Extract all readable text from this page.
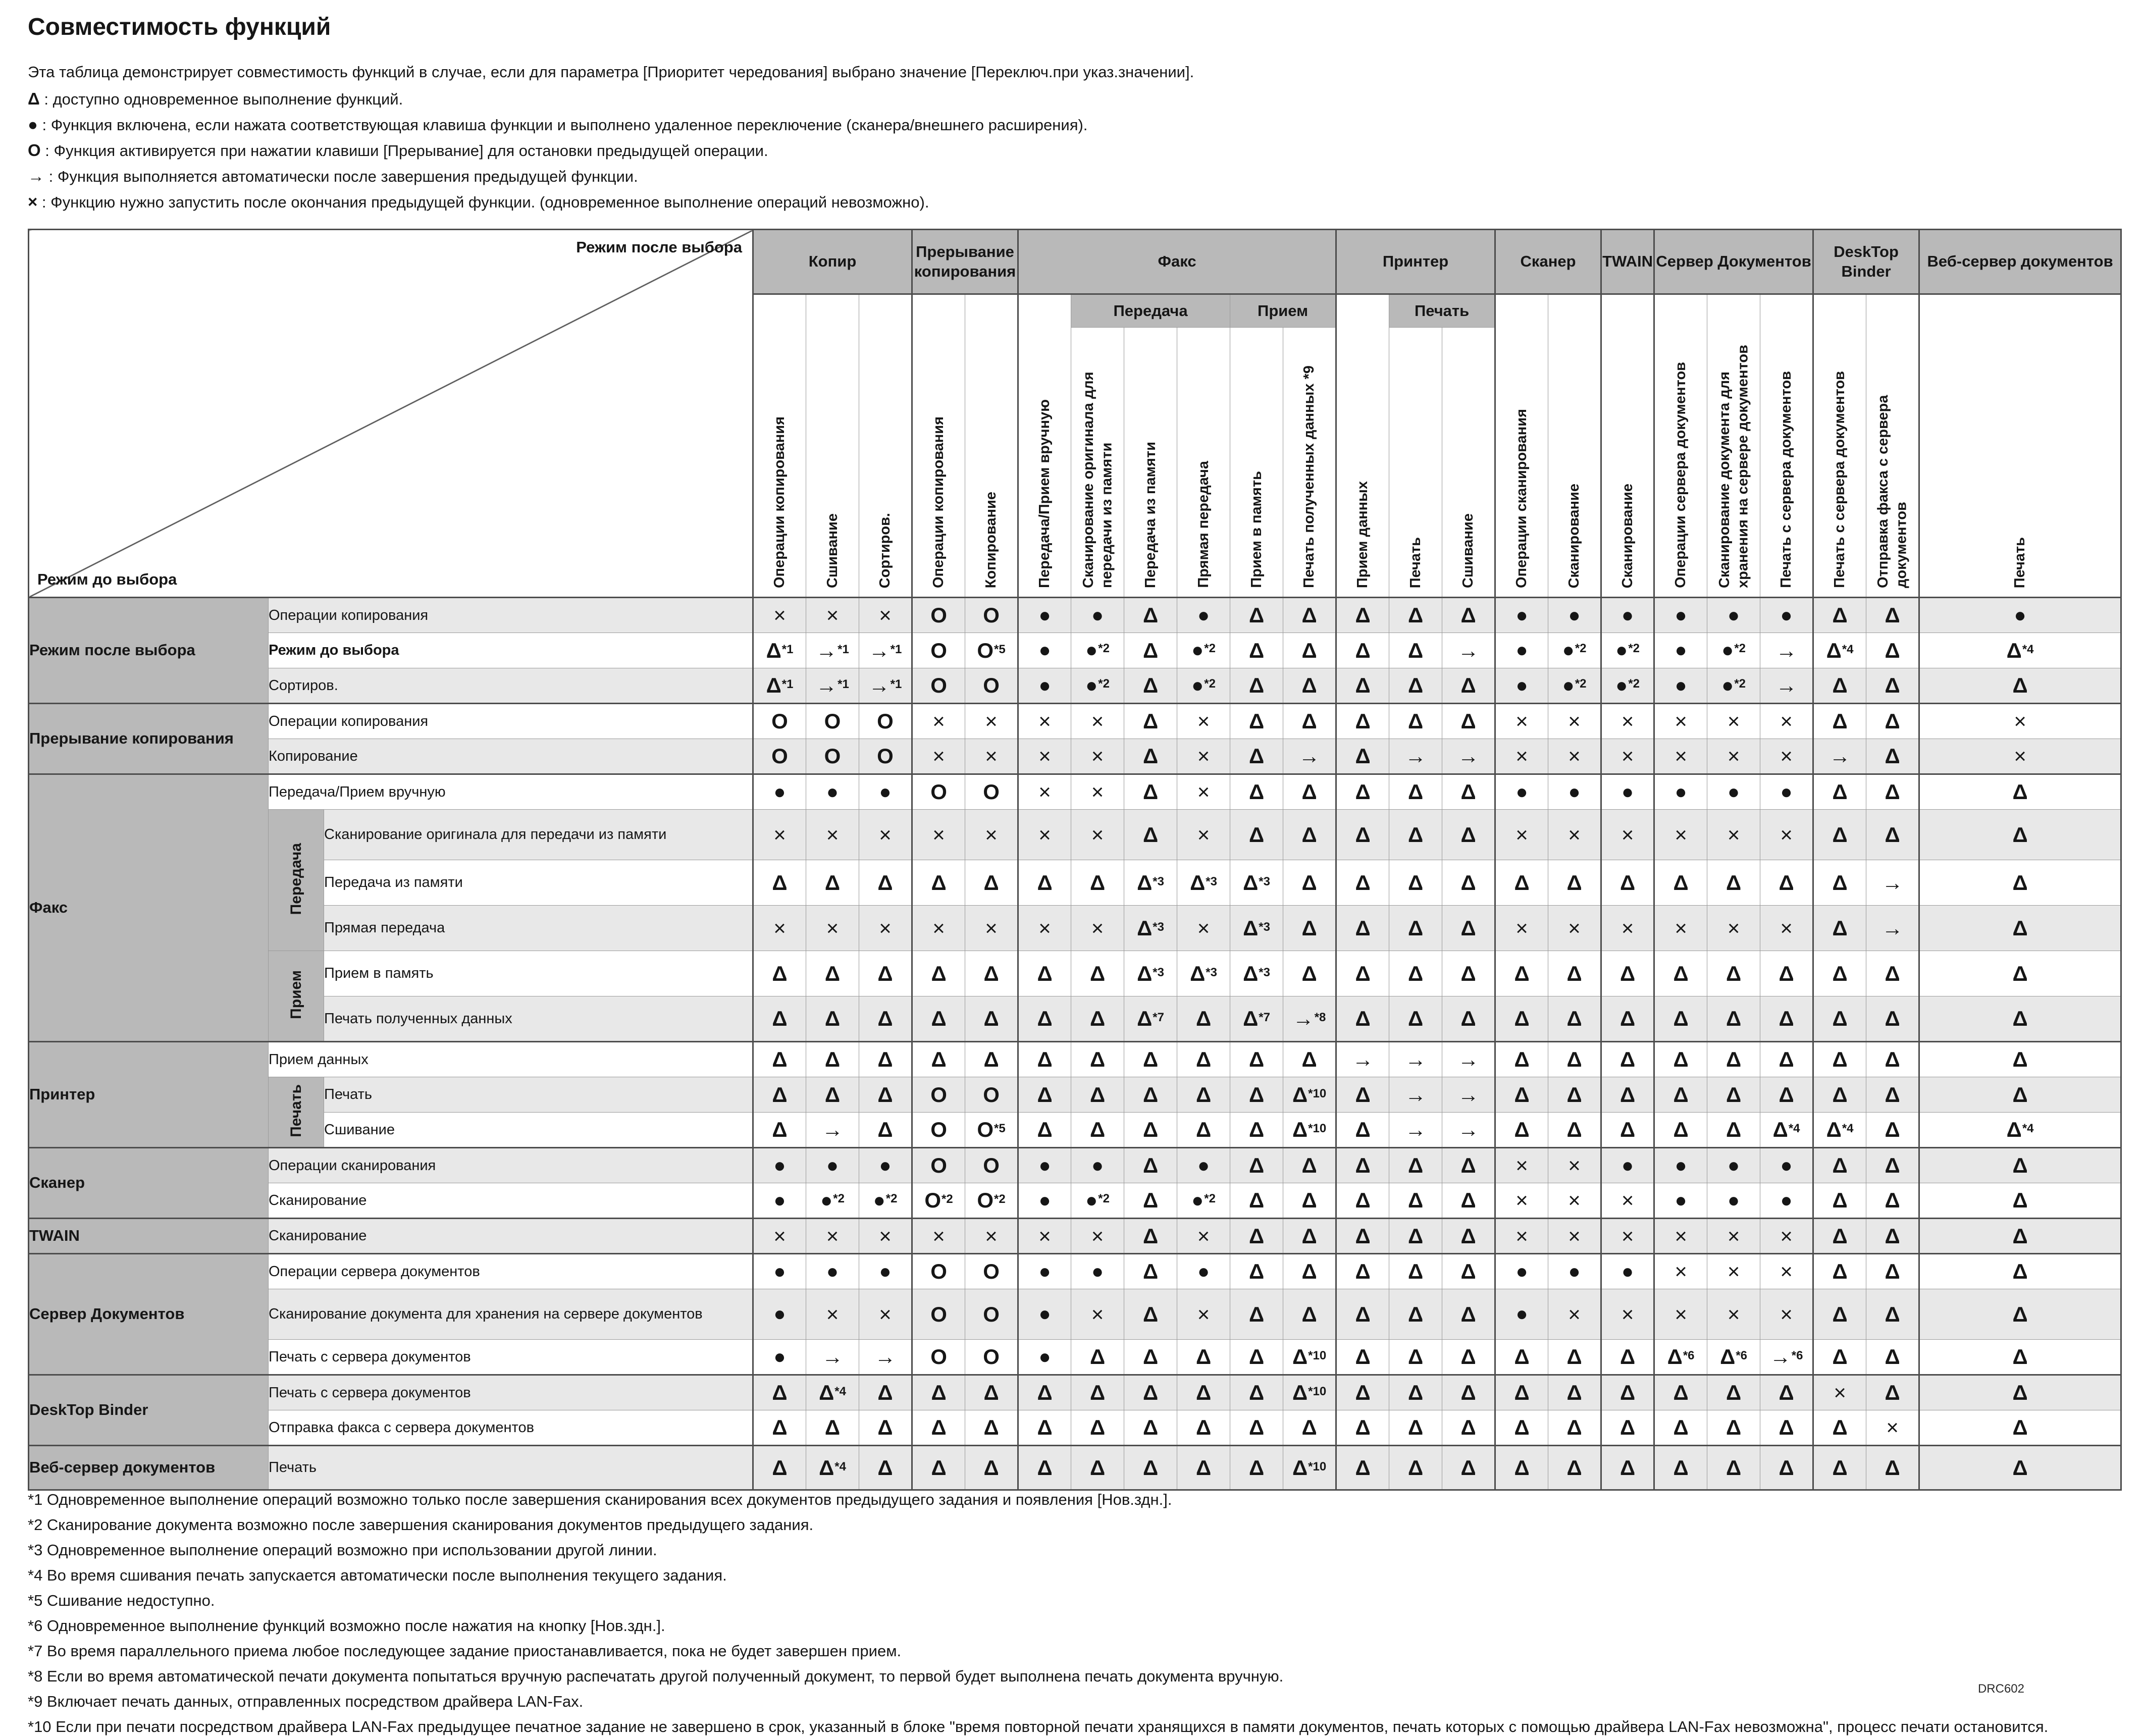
Совместимость функций

Эта таблица демонстрирует совместимость функций в случае, если для параметра [Приоритет чередования] выбрано значение [Переключ.при указ.значении].

Δ : доступно одновременное выполнение функций.
● : Функция включена, если нажата соответствующая клавиша функции и выполнено удаленное переключение (сканера/внешнего расширения).
О : Функция активируется при нажатии клавиши [Прерывание] для остановки предыдущей операции.
→ : Функция выполняется автоматически после завершения предыдущей функции.
× : Функцию нужно запустить после окончания предыдущей функции. (одновременное выполнение операций невозможно).
Режим после выбора
Режим до выбора			Копир			Прерывание копирования		Факс						Принтер			Сканер		TWAIN	Сервер Документов			DeskTop Binder		Веб-сервер документов
			Операции копирования	Сшивание	Сортиров.	Операции копирования	Копирование	Передача/Прием вручную	Передача			Прием		Прием данных	Печать		Операции сканирования	Сканирование	Сканирование	Операции сервера документов	Сканирование документа для хранения на сервере документов	Печать с сервера документов	Печать с сервера документов	Отправка факса с сервера документов	Печать
									Сканирование оригинала для передачи из памяти	Передача из памяти	Прямая передача	Прием в память	Печать полученных данных *9		Печать	Сшивание									
Режим после выбора	Операции копирования		×	×	×	О	О	●	●	Δ	●	Δ	Δ	Δ	Δ	Δ	●	●	●	●	●	●	Δ	Δ	●
	Режим до выбора		Δ*1	→*1	→*1	О	О*5	●	●*2	Δ	●*2	Δ	Δ	Δ	Δ	→	●	●*2	●*2	●	●*2	→	Δ*4	Δ	Δ*4
	Сортиров.		Δ*1	→*1	→*1	О	О	●	●*2	Δ	●*2	Δ	Δ	Δ	Δ	Δ	●	●*2	●*2	●	●*2	→	Δ	Δ	Δ
Прерывание копирования	Операции копирования		О	О	О	×	×	×	×	Δ	×	Δ	Δ	Δ	Δ	Δ	×	×	×	×	×	×	Δ	Δ	×
	Копирование		О	О	О	×	×	×	×	Δ	×	Δ	→	Δ	→	→	×	×	×	×	×	×	→	Δ	×
Факс	Передача/Прием вручную		●	●	●	О	О	×	×	Δ	×	Δ	Δ	Δ	Δ	Δ	●	●	●	●	●	●	Δ	Δ	Δ
	Передача	Сканирование оригинала для передачи из памяти	×	×	×	×	×	×	×	Δ	×	Δ	Δ	Δ	Δ	Δ	×	×	×	×	×	×	Δ	Δ	Δ
		Передача из памяти	Δ	Δ	Δ	Δ	Δ	Δ	Δ	Δ*3	Δ*3	Δ*3	Δ	Δ	Δ	Δ	Δ	Δ	Δ	Δ	Δ	Δ	Δ	→	Δ
		Прямая передача	×	×	×	×	×	×	×	Δ*3	×	Δ*3	Δ	Δ	Δ	Δ	×	×	×	×	×	×	Δ	→	Δ
	Прием	Прием в память	Δ	Δ	Δ	Δ	Δ	Δ	Δ	Δ*3	Δ*3	Δ*3	Δ	Δ	Δ	Δ	Δ	Δ	Δ	Δ	Δ	Δ	Δ	Δ	Δ
		Печать полученных данных	Δ	Δ	Δ	Δ	Δ	Δ	Δ	Δ*7	Δ	Δ*7	→*8	Δ	Δ	Δ	Δ	Δ	Δ	Δ	Δ	Δ	Δ	Δ	Δ
Принтер	Прием данных		Δ	Δ	Δ	Δ	Δ	Δ	Δ	Δ	Δ	Δ	Δ	→	→	→	Δ	Δ	Δ	Δ	Δ	Δ	Δ	Δ	Δ
	Печать	Печать	Δ	Δ	Δ	О	О	Δ	Δ	Δ	Δ	Δ	Δ*10	Δ	→	→	Δ	Δ	Δ	Δ	Δ	Δ	Δ	Δ	Δ
		Сшивание	Δ	→	Δ	О	О*5	Δ	Δ	Δ	Δ	Δ	Δ*10	Δ	→	→	Δ	Δ	Δ	Δ	Δ	Δ*4	Δ*4	Δ	Δ*4
Сканер	Операции сканирования		●	●	●	О	О	●	●	Δ	●	Δ	Δ	Δ	Δ	Δ	×	×	●	●	●	●	Δ	Δ	Δ
	Сканирование		●	●*2	●*2	О*2	О*2	●	●*2	Δ	●*2	Δ	Δ	Δ	Δ	Δ	×	×	×	●	●	●	Δ	Δ	Δ
TWAIN	Сканирование		×	×	×	×	×	×	×	Δ	×	Δ	Δ	Δ	Δ	Δ	×	×	×	×	×	×	Δ	Δ	Δ
Сервер Документов	Операции сервера документов		●	●	●	О	О	●	●	Δ	●	Δ	Δ	Δ	Δ	Δ	●	●	●	×	×	×	Δ	Δ	Δ
	Сканирование документа для хранения на сервере документов		●	×	×	О	О	●	×	Δ	×	Δ	Δ	Δ	Δ	Δ	●	×	×	×	×	×	Δ	Δ	Δ
	Печать с сервера документов		●	→	→	О	О	●	Δ	Δ	Δ	Δ	Δ*10	Δ	Δ	Δ	Δ	Δ	Δ	Δ*6	Δ*6	→*6	Δ	Δ	Δ
DeskTop Binder	Печать с сервера документов		Δ	Δ*4	Δ	Δ	Δ	Δ	Δ	Δ	Δ	Δ	Δ*10	Δ	Δ	Δ	Δ	Δ	Δ	Δ	Δ	Δ	×	Δ	Δ
	Отправка факса с сервера документов		Δ	Δ	Δ	Δ	Δ	Δ	Δ	Δ	Δ	Δ	Δ	Δ	Δ	Δ	Δ	Δ	Δ	Δ	Δ	Δ	Δ	×	Δ
Веб-сервер документов	Печать		Δ	Δ*4	Δ	Δ	Δ	Δ	Δ	Δ	Δ	Δ	Δ*10	Δ	Δ	Δ	Δ	Δ	Δ	Δ	Δ	Δ	Δ	Δ	Δ
*1 Одновременное выполнение операций возможно только после завершения сканирования всех документов предыдущего задания и появления [Нов.здн.].
*2 Сканирование документа возможно после завершения сканирования документов предыдущего задания.
*3 Одновременное выполнение операций возможно при использовании другой линии.
*4 Во время сшивания печать запускается автоматически после выполнения текущего задания.
*5 Сшивание недоступно.
*6 Одновременное выполнение функций возможно после нажатия на кнопку [Нов.здн.].
*7 Во время параллельного приема любое последующее задание приостанавливается, пока не будет завершен прием.
*8 Если во время автоматической печати документа попытаться вручную распечатать другой полученный документ, то первой будет выполнена печать документа вручную.
*9 Включает печать данных, отправленных посредством драйвера LAN-Fax.
*10 Если при печати посредством драйвера LAN-Fax предыдущее печатное задание не завершено в срок, указанный в блоке "время повторной печати хранящихся в памяти документов, печать которых с помощью драйвера LAN-Fax невозможна", процесс печати остановится.
DRC602
